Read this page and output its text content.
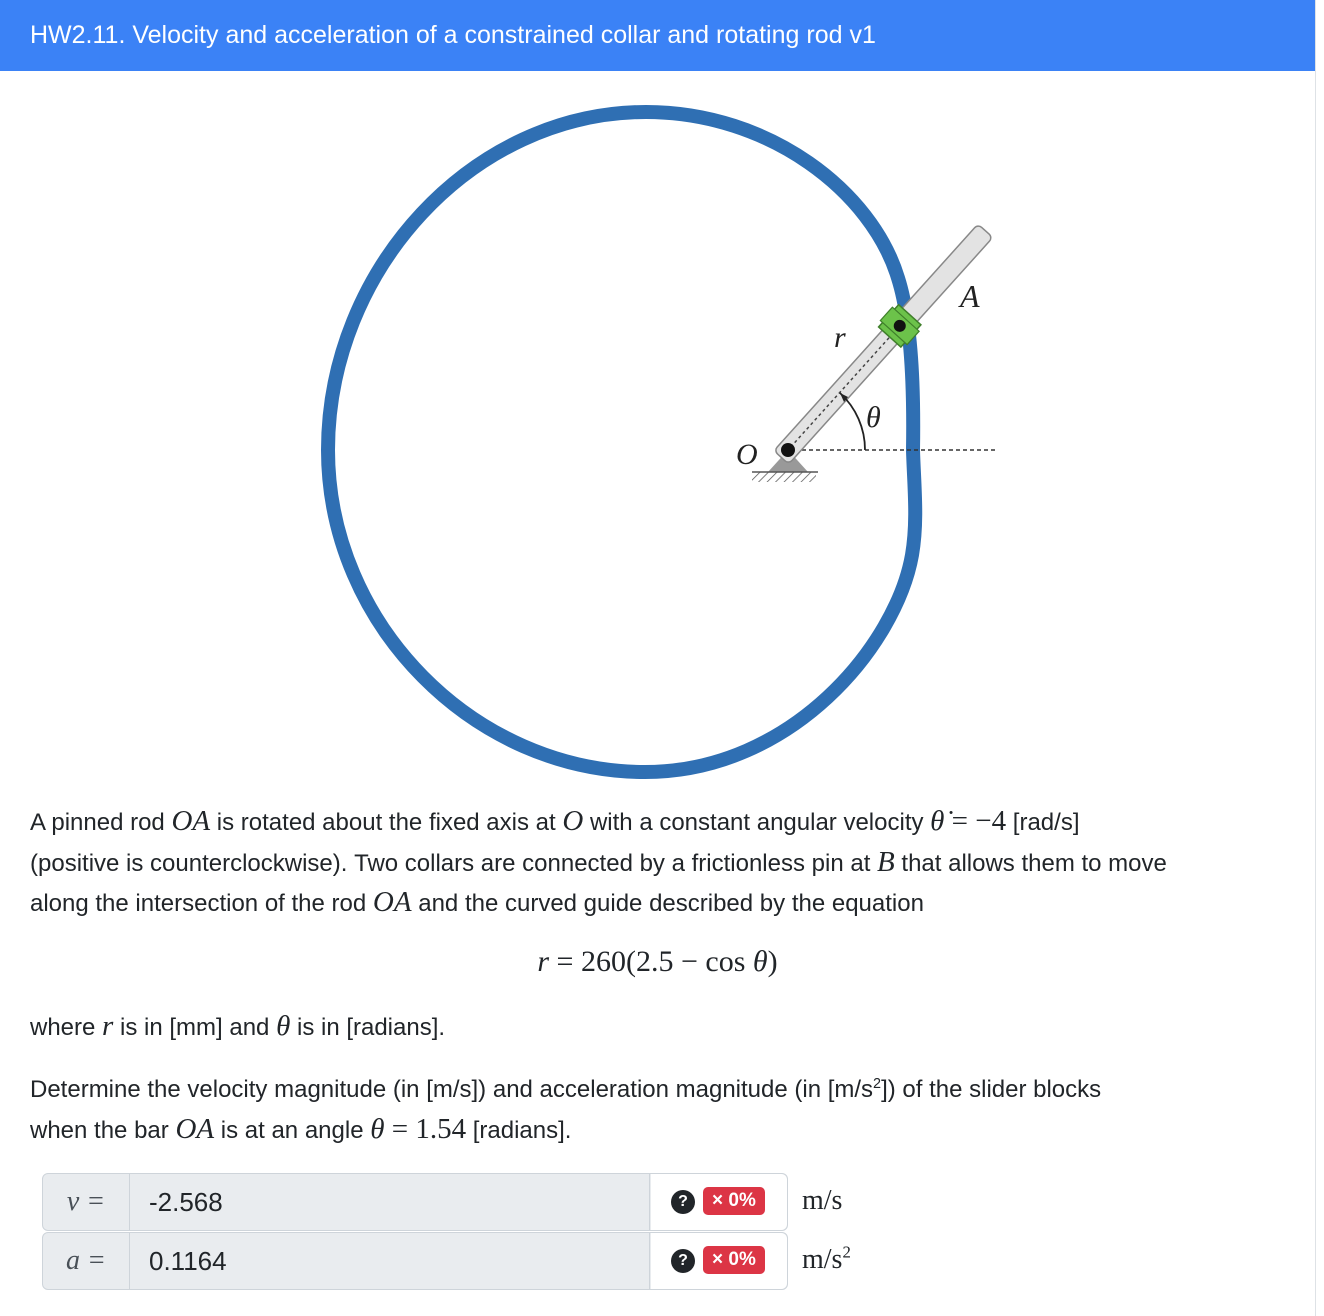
HW2.11. Velocity and acceleration of a constrained collar and rotating rod v1
A
r
θ
O
A pinned rod OA is rotated about the fixed axis at O with a constant angular velocity θ̇ = −4 [rad/s]
(positive is counterclockwise). Two collars are connected by a frictionless pin at B that allows them to move
along the intersection of the rod OA and the curved guide described by the equation
r = 260(2.5 − cos θ)
where r is in [mm] and θ is in [radians].
Determine the velocity magnitude (in [m/s]) and acceleration magnitude (in $[m/s^2]$) of the slider blocks
when the bar OA is at an angle θ = 1.54 [radians].
v =	-2.568	?	× 0%	m/s
a =	0.1164	?	× 0%	$m/s^2$
